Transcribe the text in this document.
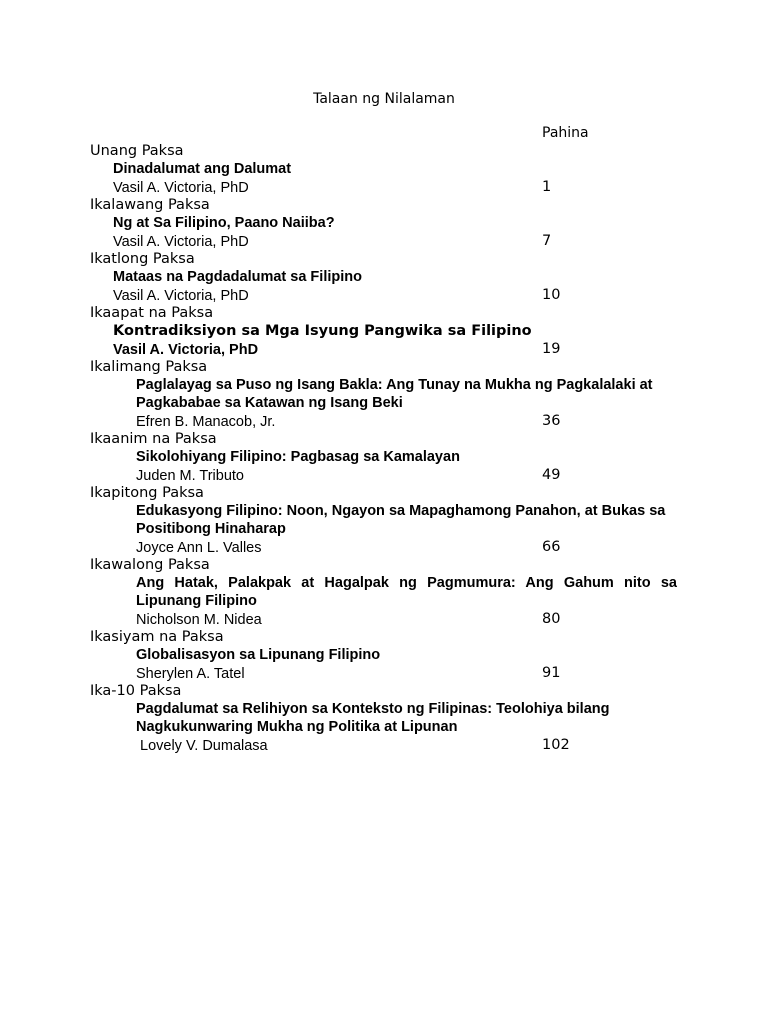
Talaan ng Nilalaman
Pahina
Unang Paksa
Dinadalumat ang Dalumat
Vasil A. Victoria, PhD	1
Ikalawang Paksa
Ng at Sa Filipino, Paano Naiiba?
Vasil A. Victoria, PhD	7
Ikatlong Paksa
Mataas na Pagdadalumat sa Filipino
Vasil A. Victoria, PhD	10
Ikaapat na Paksa
Kontradiksiyon sa Mga Isyung Pangwika sa Filipino
Vasil A. Victoria, PhD	19
Ikalimang Paksa
Paglalayag sa Puso ng Isang Bakla: Ang Tunay na Mukha ng Pagkalalaki at Pagkababae sa Katawan ng Isang Beki
Efren B. Manacob, Jr.	36
Ikaanim na Paksa
Sikolohiyang Filipino: Pagbasag sa Kamalayan
Juden M. Tributo	49
Ikapitong Paksa
Edukasyong Filipino: Noon, Ngayon sa Mapaghamong Panahon, at Bukas sa Positibong Hinaharap
Joyce Ann L. Valles	66
Ikawalong Paksa
Ang Hatak, Palakpak at Hagalpak ng Pagmumura: Ang Gahum nito sa Lipunang Filipino
Nicholson M. Nidea	80
Ikasiyam na Paksa
Globalisasyon sa Lipunang Filipino
Sherylen A. Tatel	91
Ika-10 Paksa
Pagdalumat sa Relihiyon sa Konteksto ng Filipinas: Teolohiya bilang Nagkukunwaring Mukha ng Politika at Lipunan
Lovely V. Dumalasa	102
